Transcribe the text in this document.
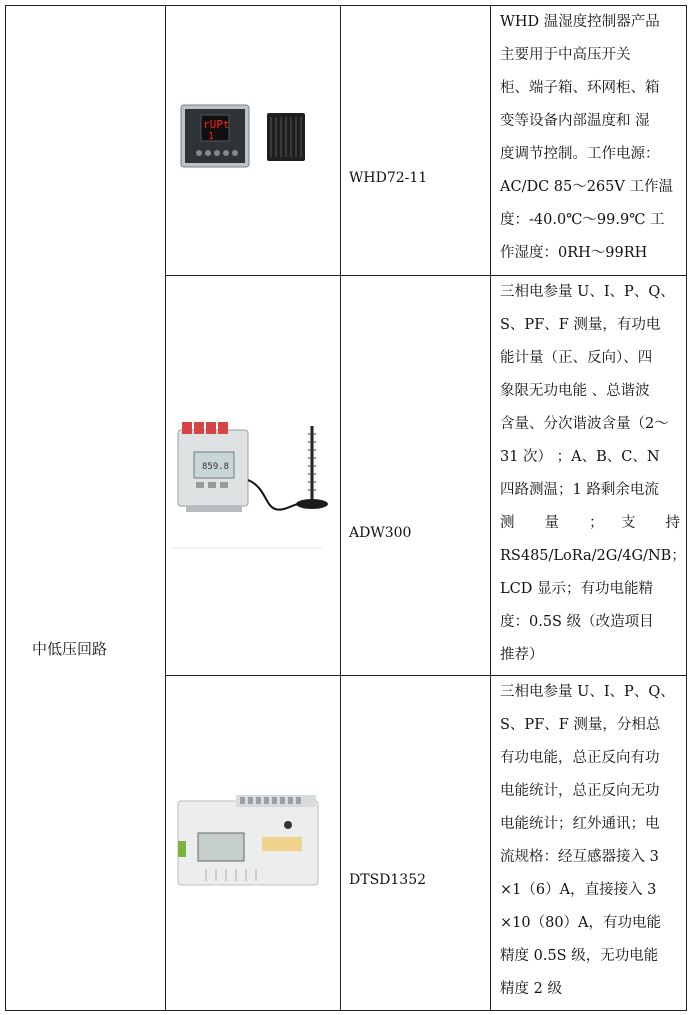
中低压回路
rUPt
1
WHD72-11
WHD 温湿度控制器产品
主要用于中高压开关
柜、端子箱、环网柜、箱
变等设备内部温度和 湿
度调节控制。工作电源：
AC/DC 85～265V 工作温
度：-40.0℃～99.9℃ 工
作湿度：0RH～99RH
859.8
ADW300
三相电参量 U、I、P、Q、
S、PF、F 测量，有功电
能计量（正、反向）、四
象限无功电能 、总谐波
含量、分次谐波含量（2～
31 次） ；A、B、C、N
四路测温；1 路剩余电流
测 量 ； 支 持
RS485/LoRa/2G/4G/NB；
LCD 显示；有功电能精
度：0.5S 级（改造项目
推荐）
DTSD1352
三相电参量 U、I、P、Q、
S、PF、F 测量，分相总
有功电能，总正反向有功
电能统计，总正反向无功
电能统计；红外通讯；电
流规格：经互感器接入 3
×1（6）A，直接接入 3
×10（80）A，有功电能
精度 0.5S 级，无功电能
精度 2 级
